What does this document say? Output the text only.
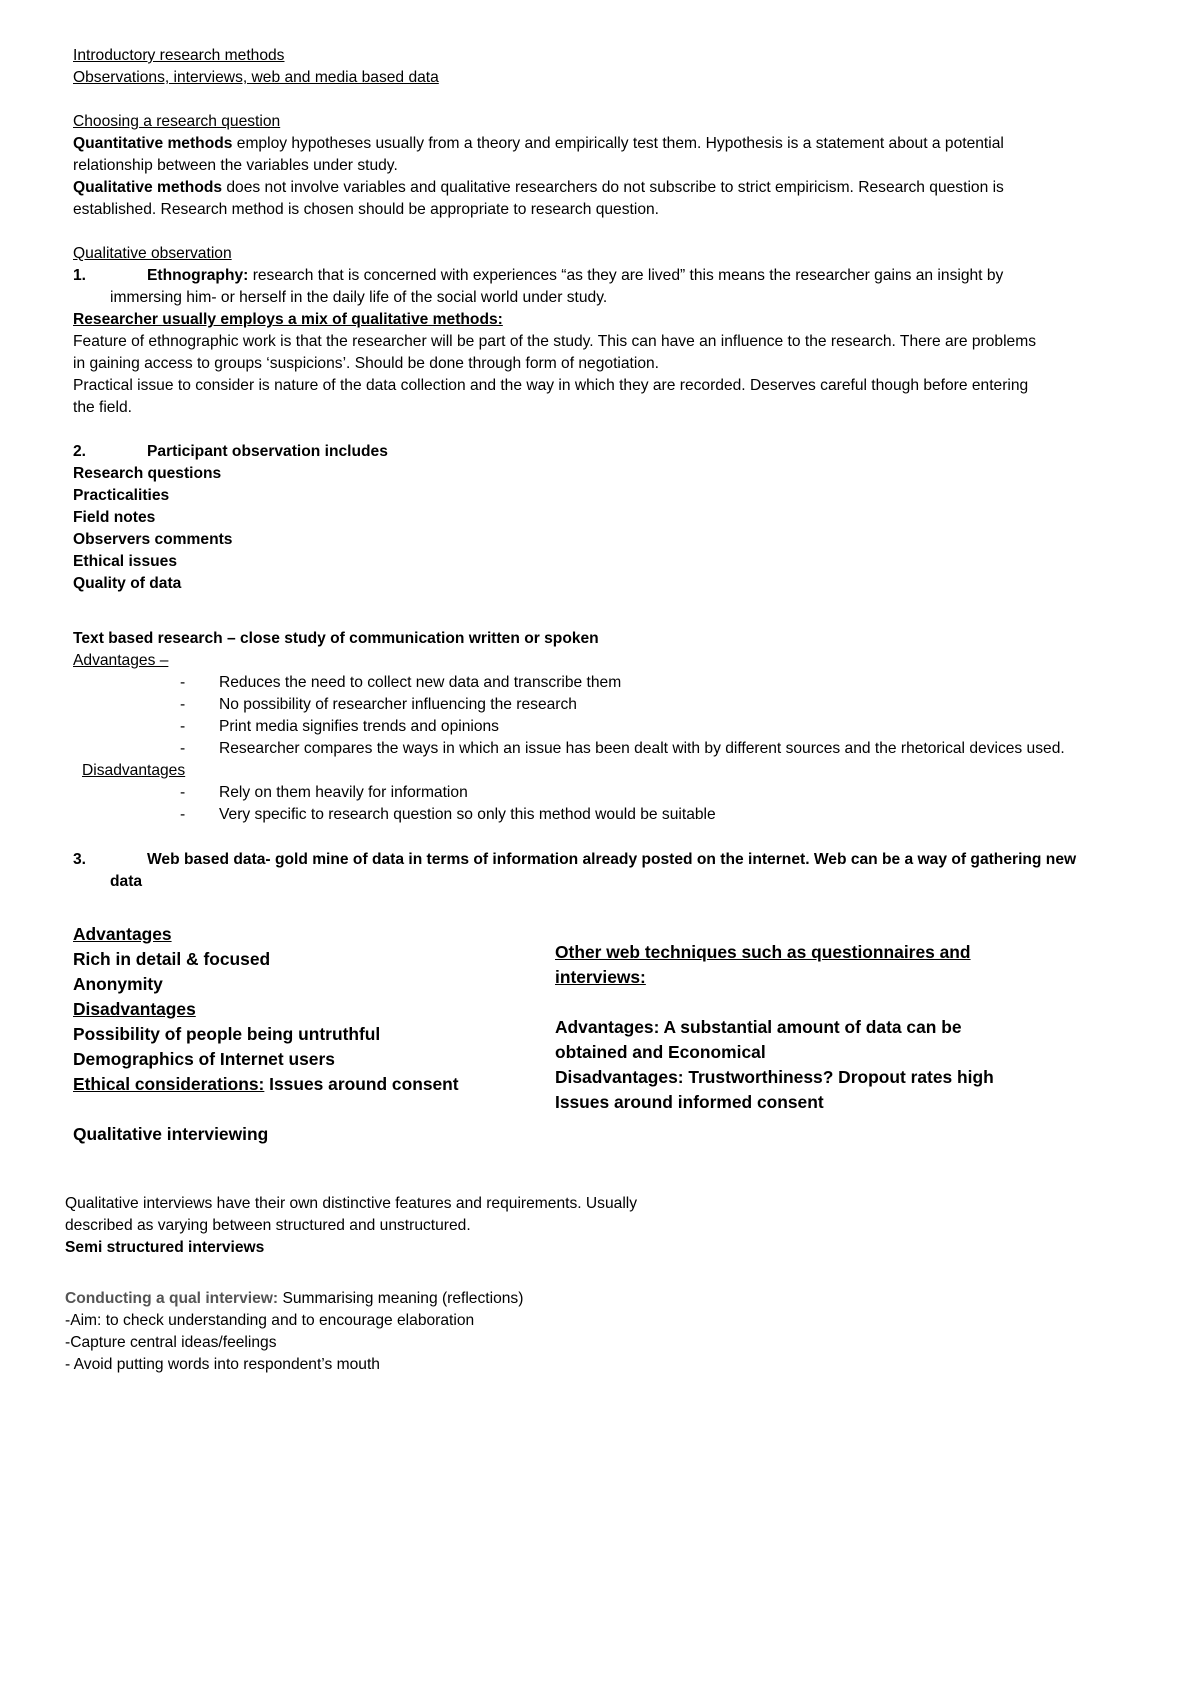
Introductory research methods
Observations, interviews, web and media based data
Choosing a research question
Quantitative methods employ hypotheses usually from a theory and empirically test them. Hypothesis is a statement about a potential
relationship between the variables under study.
Qualitative methods does not involve variables and qualitative researchers do not subscribe to strict empiricism. Research question is
established. Research method is chosen should be appropriate to research question.
Qualitative observation
1.	Ethnography: research that is concerned with experiences “as they are lived” this means the researcher gains an insight by
immersing him- or herself in the daily life of the social world under study.
Researcher usually employs a mix of qualitative methods:
Feature of ethnographic work is that the researcher will be part of the study. This can have an influence to the research. There are problems
in gaining access to groups ‘suspicions’. Should be done through form of negotiation.
Practical issue to consider is nature of the data collection and the way in which they are recorded. Deserves careful though before entering
the field.
2.	Participant observation includes
Research questions
Practicalities
Field notes
Observers comments
Ethical issues
Quality of data
Text based research – close study of communication written or spoken
Advantages –
- Reduces the need to collect new data and transcribe them
- No possibility of researcher influencing the research
- Print media signifies trends and opinions
- Researcher compares the ways in which an issue has been dealt with by different sources and the rhetorical devices used.
Disadvantages
- Rely on them heavily for information
- Very specific to research question so only this method would be suitable
3.	Web based data- gold mine of data in terms of information already posted on the internet. Web can be a way of gathering new
data
Advantages
Rich in detail & focused
Anonymity
Disadvantages
Possibility of people being untruthful
Demographics of Internet users
Ethical considerations: Issues around consent
Qualitative interviewing
Other web techniques such as questionnaires and
interviews:
Advantages: A substantial amount of data can be
obtained and Economical
Disadvantages: Trustworthiness? Dropout rates high
Issues around informed consent
Qualitative interviews have their own distinctive features and requirements. Usually
described as varying between structured and unstructured.
Semi structured interviews
Conducting a qual interview: Summarising meaning (reflections)
-Aim: to check understanding and to encourage elaboration
-Capture central ideas/feelings
- Avoid putting words into respondent’s mouth
